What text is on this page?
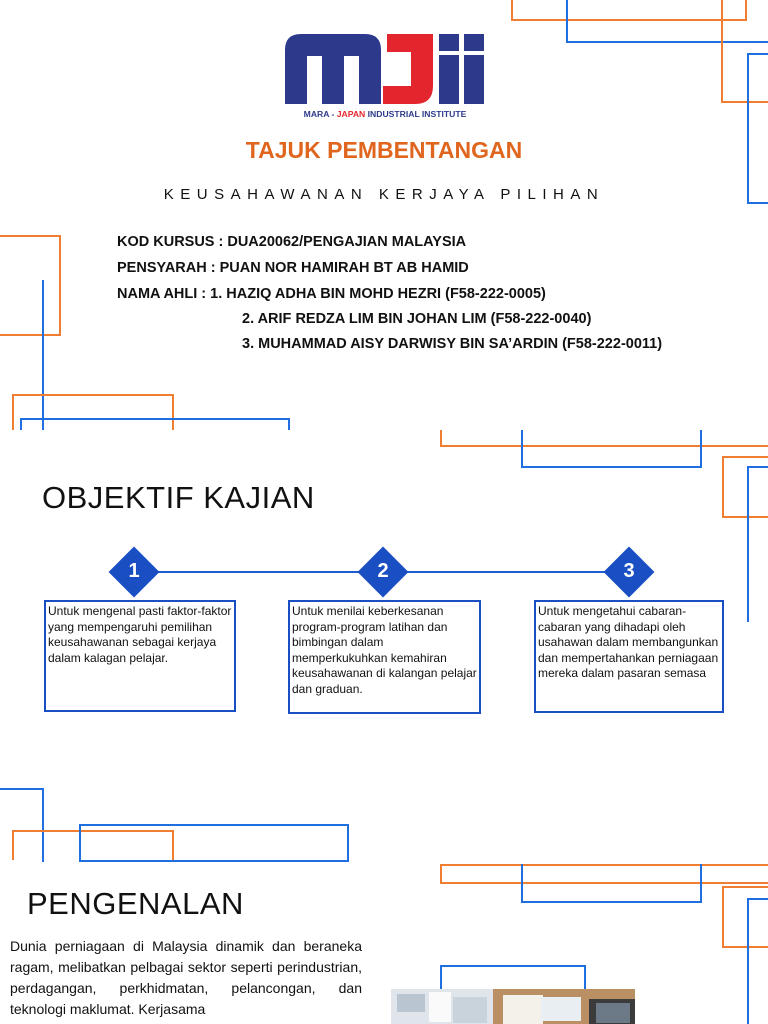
MARA - JAPAN INDUSTRIAL INSTITUTE
TAJUK PEMBENTANGAN
KEUSAHAWANAN KERJAYA PILIHAN
KOD KURSUS : DUA20062/PENGAJIAN MALAYSIA
PENSYARAH : PUAN NOR HAMIRAH BT AB HAMID
NAMA AHLI : 1. HAZIQ ADHA BIN MOHD HEZRI (F58-222-0005)
2. ARIF REDZA LIM BIN JOHAN LIM (F58-222-0040)
3. MUHAMMAD AISY DARWISY BIN SA’ARDIN (F58-222-0011)
OBJEKTIF KAJIAN
1	2	3
Untuk mengenal pasti faktor-faktor yang mempengaruhi pemilihan keusahawanan sebagai kerjaya dalam kalagan pelajar.
Untuk menilai keberkesanan program-program latihan dan bimbingan dalam memperkukuhkan kemahiran keusahawanan di kalangan pelajar dan graduan.
Untuk mengetahui cabaran-cabaran yang dihadapi oleh usahawan dalam membangunkan dan mempertahankan perniagaan mereka dalam pasaran semasa
PENGENALAN
Dunia perniagaan di Malaysia dinamik dan beraneka ragam, melibatkan pelbagai sektor seperti perindustrian, perdagangan, perkhidmatan, pelancongan, dan teknologi maklumat. Kerjasama
